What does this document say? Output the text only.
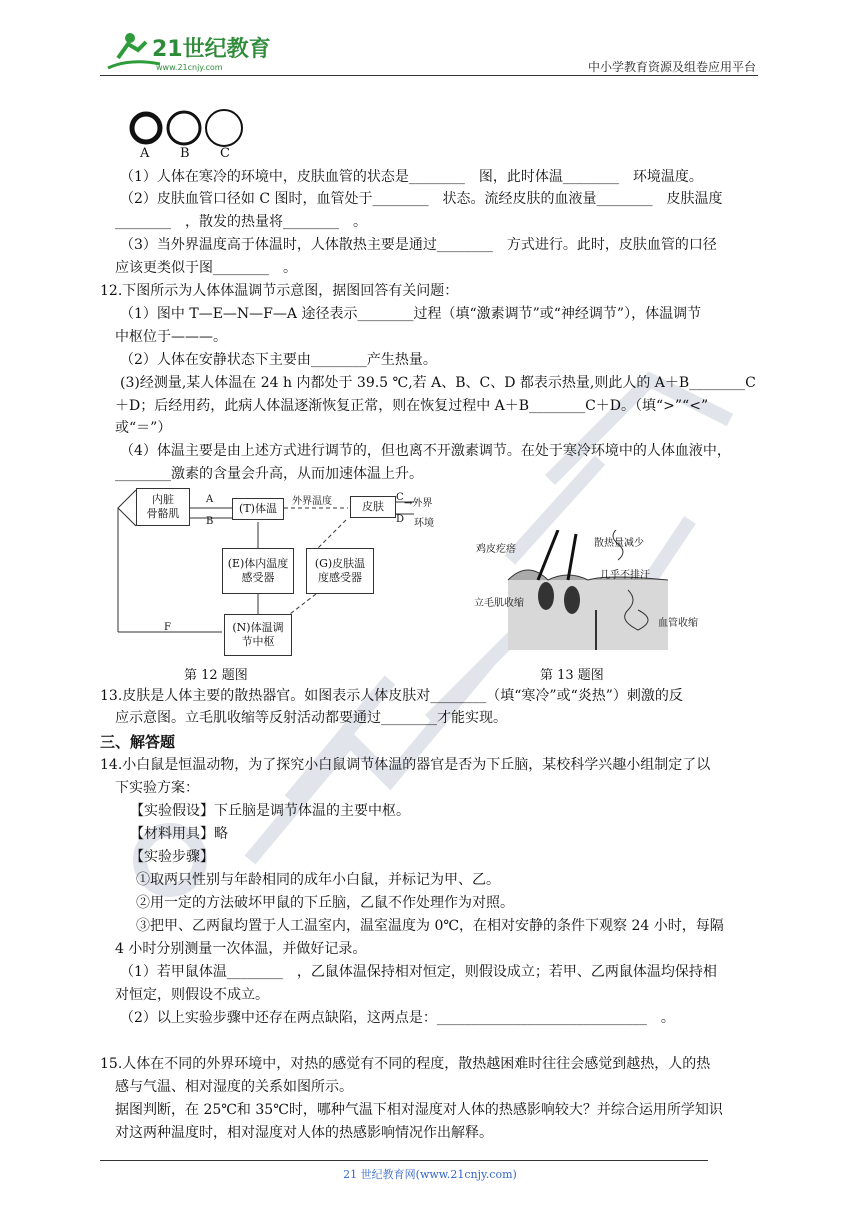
21世纪教育
www.21cnjy.com	中小学教育资源及组卷应用平台
A B C
（1）人体在寒冷的环境中，皮肤血管的状态是________　图，此时体温________　环境温度。
（2）皮肤血管口径如 C 图时，血管处于________　状态。流经皮肤的血液量________　皮肤温度
________　，散发的热量将________　。
（3）当外界温度高于体温时，人体散热主要是通过________　方式进行。此时，皮肤血管的口径
应该更类似于图________　。
12.下图所示为人体体温调节示意图，据图回答有关问题：
（1）图中 T—E—N—F—A 途径表示________过程（填“激素调节”或“神经调节”），体温调节
中枢位于———。
（2）人体在安静状态下主要由________产生热量。
(3)经测量,某人体温在 24 h 内都处于 39.5 ℃,若 A、B、C、D 都表示热量,则此人的 A＋B________C
＋D；后经用药，此病人体温逐渐恢复正常，则在恢复过程中 A＋B________C＋D。（填“>”“<”
或“＝”）
（4）体温主要是由上述方式进行调节的，但也离不开激素调节。在处于寒冷环境中的人体血液中，
________激素的含量会升高，从而加速体温上升。
内脏
骨骼肌	(T)体温	皮肤
(E)体内温度
感受器
(G)皮肤温
度感受器
(N)体温调
节中枢
A
B
外界温度	C
D
→外界
环境
F
第 12 题图
鸡皮疙瘩
散热量减少
几乎不排汗
立毛肌收缩
血管收缩
第 13 题图
13.皮肤是人体主要的散热器官。如图表示人体皮肤对________（填“寒冷”或“炎热”）刺激的反
应示意图。立毛肌收缩等反射活动都要通过________才能实现。
三、解答题
14.小白鼠是恒温动物，为了探究小白鼠调节体温的器官是否为下丘脑，某校科学兴趣小组制定了以
下实验方案：
【实验假设】下丘脑是调节体温的主要中枢。
【材料用具】略
【实验步骤】
①取两只性别与年龄相同的成年小白鼠，并标记为甲、乙。
②用一定的方法破坏甲鼠的下丘脑，乙鼠不作处理作为对照。
③把甲、乙两鼠均置于人工温室内，温室温度为 0℃，在相对安静的条件下观察 24 小时，每隔
4 小时分别测量一次体温，并做好记录。
（1）若甲鼠体温________　，乙鼠体温保持相对恒定，则假设成立；若甲、乙两鼠体温均保持相
对恒定，则假设不成立。
（2）以上实验步骤中还存在两点缺陷，这两点是：______________________________　。
15.人体在不同的外界环境中，对热的感觉有不同的程度，散热越困难时往往会感觉到越热，人的热
感与气温、相对湿度的关系如图所示。
据图判断，在 25℃和 35℃时，哪种气温下相对湿度对人体的热感影响较大？并综合运用所学知识
对这两种温度时，相对湿度对人体的热感影响情况作出解释。
21 世纪教育网(www.21cnjy.com)
